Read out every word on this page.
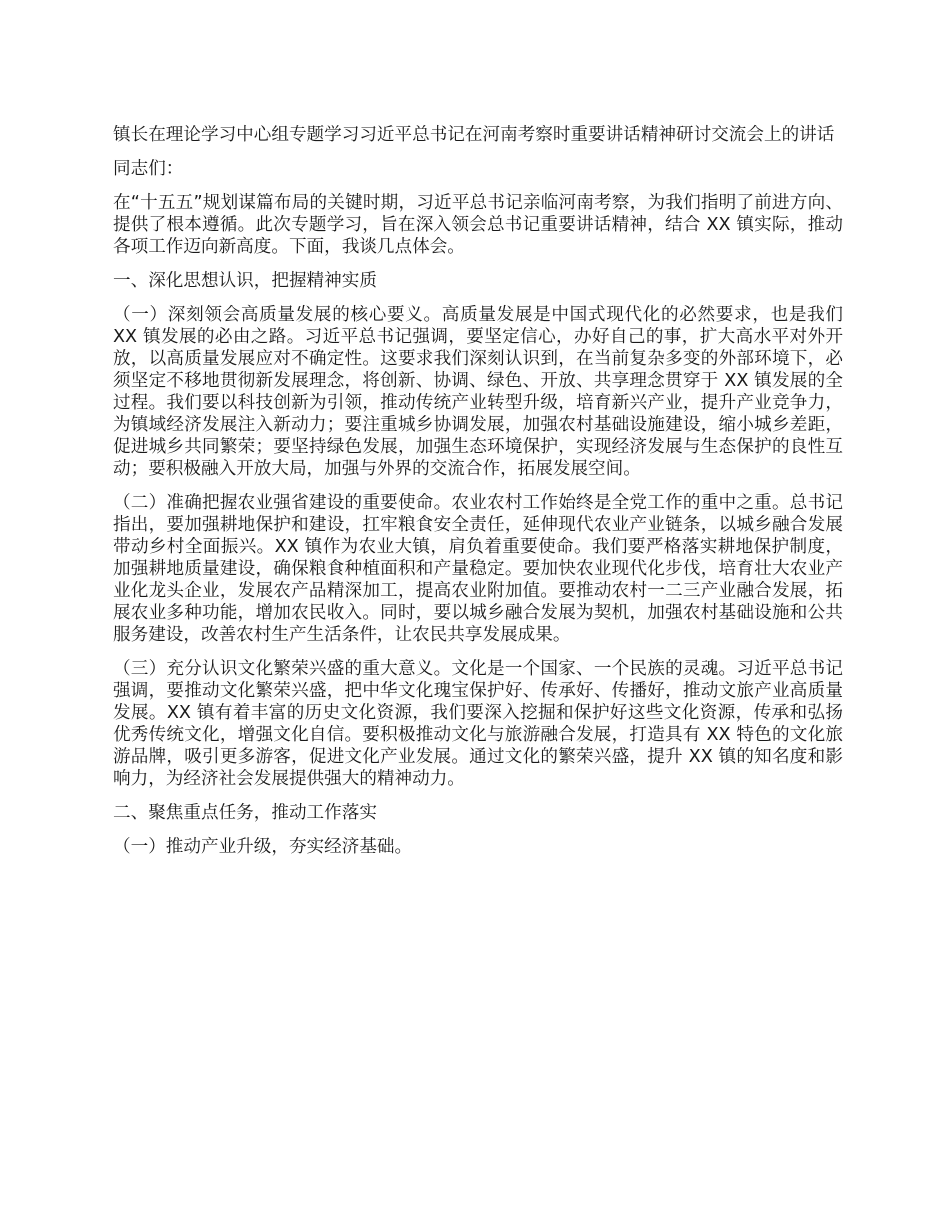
镇长在理论学习中心组专题学习习近平总书记在河南考察时重要讲话精神研讨交流会上的讲话

同志们：

在“十五五”规划谋篇布局的关键时期，习近平总书记亲临河南考察，为我们指明了前进方向、提供了根本遵循。此次专题学习，旨在深入领会总书记重要讲话精神，结合 XX 镇实际，推动各项工作迈向新高度。下面，我谈几点体会。

一、深化思想认识，把握精神实质

（一）深刻领会高质量发展的核心要义。高质量发展是中国式现代化的必然要求，也是我们 XX 镇发展的必由之路。习近平总书记强调，要坚定信心，办好自己的事，扩大高水平对外开放，以高质量发展应对不确定性。这要求我们深刻认识到，在当前复杂多变的外部环境下，必须坚定不移地贯彻新发展理念，将创新、协调、绿色、开放、共享理念贯穿于 XX 镇发展的全过程。我们要以科技创新为引领，推动传统产业转型升级，培育新兴产业，提升产业竞争力，为镇域经济发展注入新动力；要注重城乡协调发展，加强农村基础设施建设，缩小城乡差距，促进城乡共同繁荣；要坚持绿色发展，加强生态环境保护，实现经济发展与生态保护的良性互动；要积极融入开放大局，加强与外界的交流合作，拓展发展空间。

（二）准确把握农业强省建设的重要使命。农业农村工作始终是全党工作的重中之重。总书记指出，要加强耕地保护和建设，扛牢粮食安全责任，延伸现代农业产业链条，以城乡融合发展带动乡村全面振兴。XX 镇作为农业大镇，肩负着重要使命。我们要严格落实耕地保护制度，加强耕地质量建设，确保粮食种植面积和产量稳定。要加快农业现代化步伐，培育壮大农业产业化龙头企业，发展农产品精深加工，提高农业附加值。要推动农村一二三产业融合发展，拓展农业多种功能，增加农民收入。同时，要以城乡融合发展为契机，加强农村基础设施和公共服务建设，改善农村生产生活条件，让农民共享发展成果。

（三）充分认识文化繁荣兴盛的重大意义。文化是一个国家、一个民族的灵魂。习近平总书记强调，要推动文化繁荣兴盛，把中华文化瑰宝保护好、传承好、传播好，推动文旅产业高质量发展。XX 镇有着丰富的历史文化资源，我们要深入挖掘和保护好这些文化资源，传承和弘扬优秀传统文化，增强文化自信。要积极推动文化与旅游融合发展，打造具有 XX 特色的文化旅游品牌，吸引更多游客，促进文化产业发展。通过文化的繁荣兴盛，提升 XX 镇的知名度和影响力，为经济社会发展提供强大的精神动力。

二、聚焦重点任务，推动工作落实

（一）推动产业升级，夯实经济基础。
